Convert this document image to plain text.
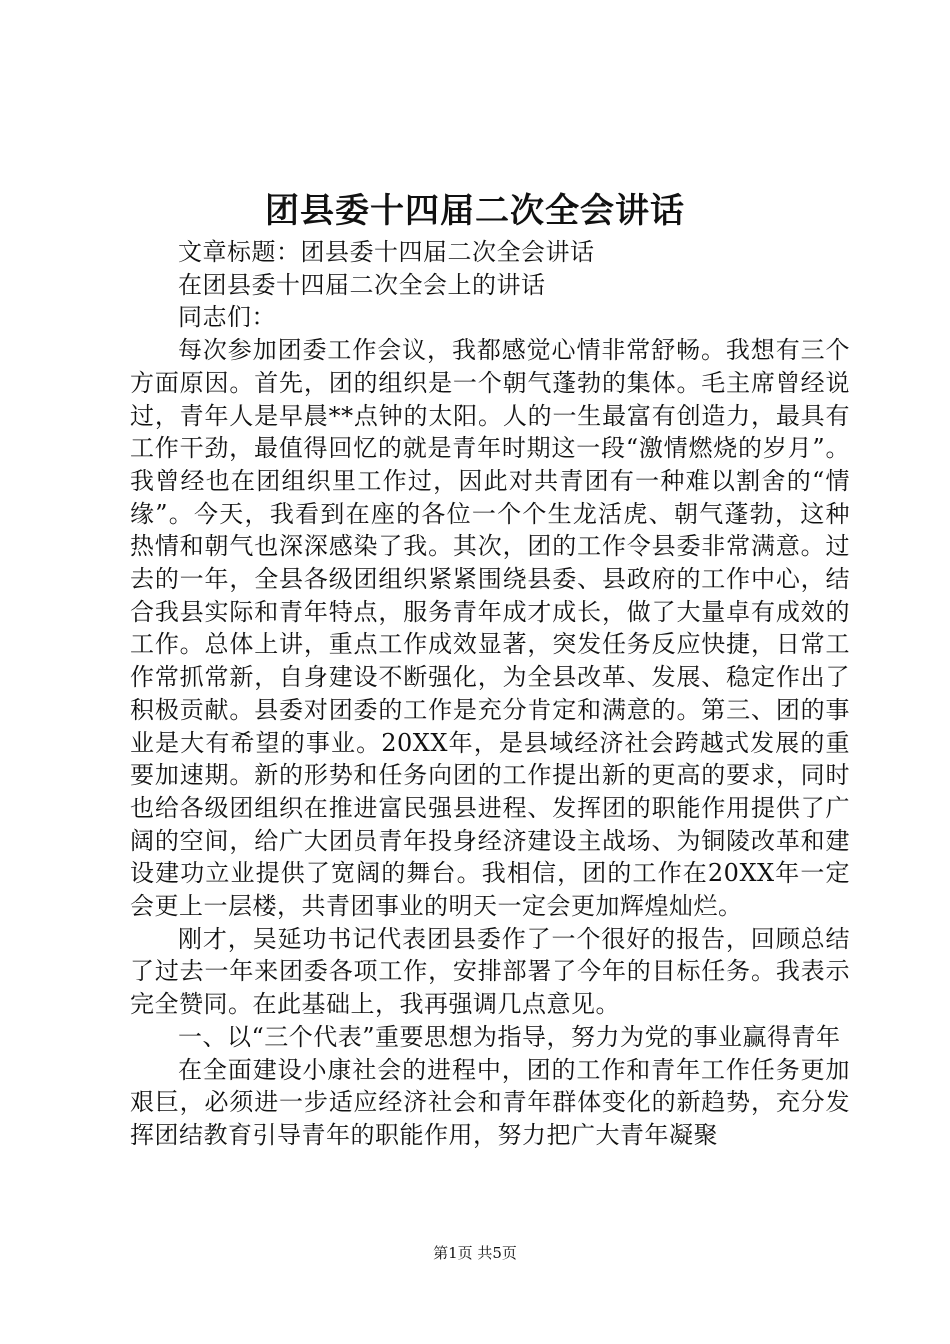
团县委十四届二次全会讲话

文章标题：团县委十四届二次全会讲话

在团县委十四届二次全会上的讲话

同志们：

每次参加团委工作会议，我都感觉心情非常舒畅。我想有三个方面原因。首先，团的组织是一个朝气蓬勃的集体。毛主席曾经说过，青年人是早晨**点钟的太阳。人的一生最富有创造力，最具有工作干劲，最值得回忆的就是青年时期这一段“激情燃烧的岁月”。我曾经也在团组织里工作过，因此对共青团有一种难以割舍的“情缘”。今天，我看到在座的各位一个个生龙活虎、朝气蓬勃，这种热情和朝气也深深感染了我。其次，团的工作令县委非常满意。过去的一年，全县各级团组织紧紧围绕县委、县政府的工作中心，结合我县实际和青年特点，服务青年成才成长，做了大量卓有成效的工作。总体上讲，重点工作成效显著，突发任务反应快捷，日常工作常抓常新，自身建设不断强化，为全县改革、发展、稳定作出了积极贡献。县委对团委的工作是充分肯定和满意的。第三、团的事业是大有希望的事业。20XX年，是县域经济社会跨越式发展的重要加速期。新的形势和任务向团的工作提出新的更高的要求，同时也给各级团组织在推进富民强县进程、发挥团的职能作用提供了广阔的空间，给广大团员青年投身经济建设主战场、为铜陵改革和建设建功立业提供了宽阔的舞台。我相信，团的工作在20XX年一定会更上一层楼，共青团事业的明天一定会更加辉煌灿烂。

刚才，吴延功书记代表团县委作了一个很好的报告，回顾总结了过去一年来团委各项工作，安排部署了今年的目标任务。我表示完全赞同。在此基础上，我再强调几点意见。

一、以“三个代表”重要思想为指导，努力为党的事业赢得青年

在全面建设小康社会的进程中，团的工作和青年工作任务更加艰巨，必须进一步适应经济社会和青年群体变化的新趋势，充分发挥团结教育引导青年的职能作用，努力把广大青年凝聚

第1页 共5页
